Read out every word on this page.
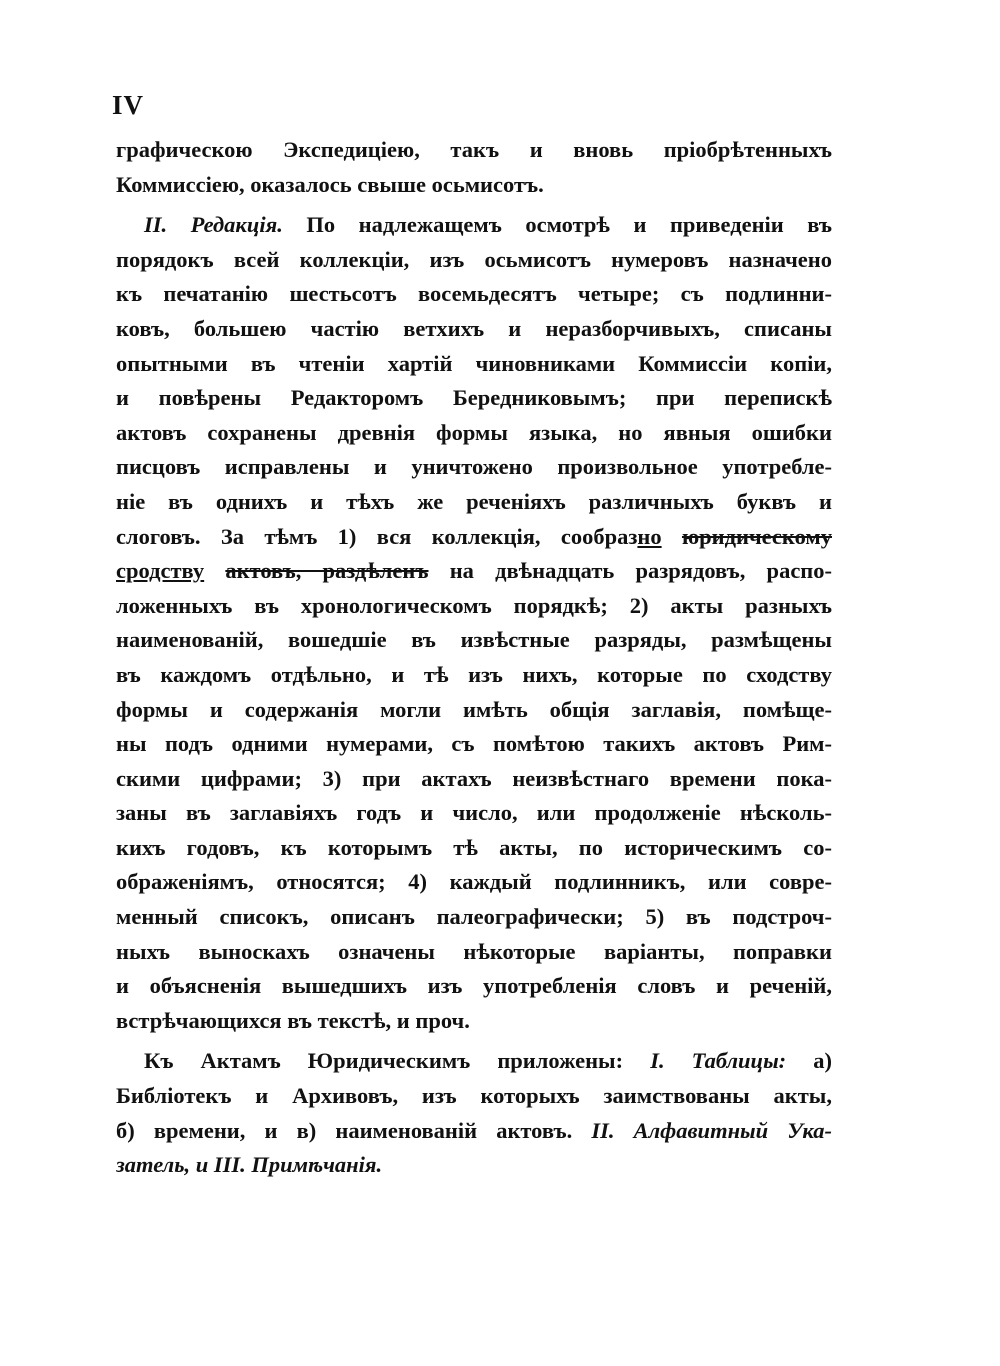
IV
графическою Экспедиціею, такъ и вновь пріобрѣтенныхъ
Коммиссіею, оказалось свыше осьмисотъ.
II. Редакція. По надлежащемъ осмотрѣ и приведеніи въ
порядокъ всей коллекціи, изъ осьмисотъ нумеровъ назначено
къ печатанію шестьсотъ восемьдесятъ четыре; съ подлинни-
ковъ, большею частію ветхихъ и неразборчивыхъ, списаны
опытными въ чтеніи хартій чиновниками Коммиссіи копіи,
и повѣрены Редакторомъ Бередниковымъ; при перепискѣ
актовъ сохранены древнія формы языка, но явныя ошибки
писцовъ исправлены и уничтожено произвольное употребле-
ніе въ однихъ и тѣхъ же реченіяхъ различныхъ буквъ и
слоговъ. За тѣмъ 1) вся коллекція, сообразно юридическому
сродству актовъ, раздѣленъ на двѣнадцать разрядовъ, распо-
ложенныхъ въ хронологическомъ порядкѣ; 2) акты разныхъ
наименованій, вошедшіе въ извѣстные разряды, размѣщены
въ каждомъ отдѣльно, и тѣ изъ нихъ, которые по сходству
формы и содержанія могли имѣть общія заглавія, помѣще-
ны подъ одними нумерами, съ помѣтою такихъ актовъ Рим-
скими цифрами; 3) при актахъ неизвѣстнаго времени пока-
заны въ заглавіяхъ годъ и число, или продолженіе нѣсколь-
кихъ годовъ, къ которымъ тѣ акты, по историческимъ со-
ображеніямъ, относятся; 4) каждый подлинникъ, или совре-
менный списокъ, описанъ палеографически; 5) въ подстроч-
ныхъ выноскахъ означены нѣкоторые варіанты, поправки
и объясненія вышедшихъ изъ употребленія словъ и реченій,
встрѣчающихся въ текстѣ, и проч.
Къ Актамъ Юридическимъ приложены: I. Таблицы: а)
Библіотекъ и Архивовъ, изъ которыхъ заимствованы акты,
б) времени, и в) наименованій актовъ. II. Алфавитный Ука-
затель, и III. Примѣчанія.
